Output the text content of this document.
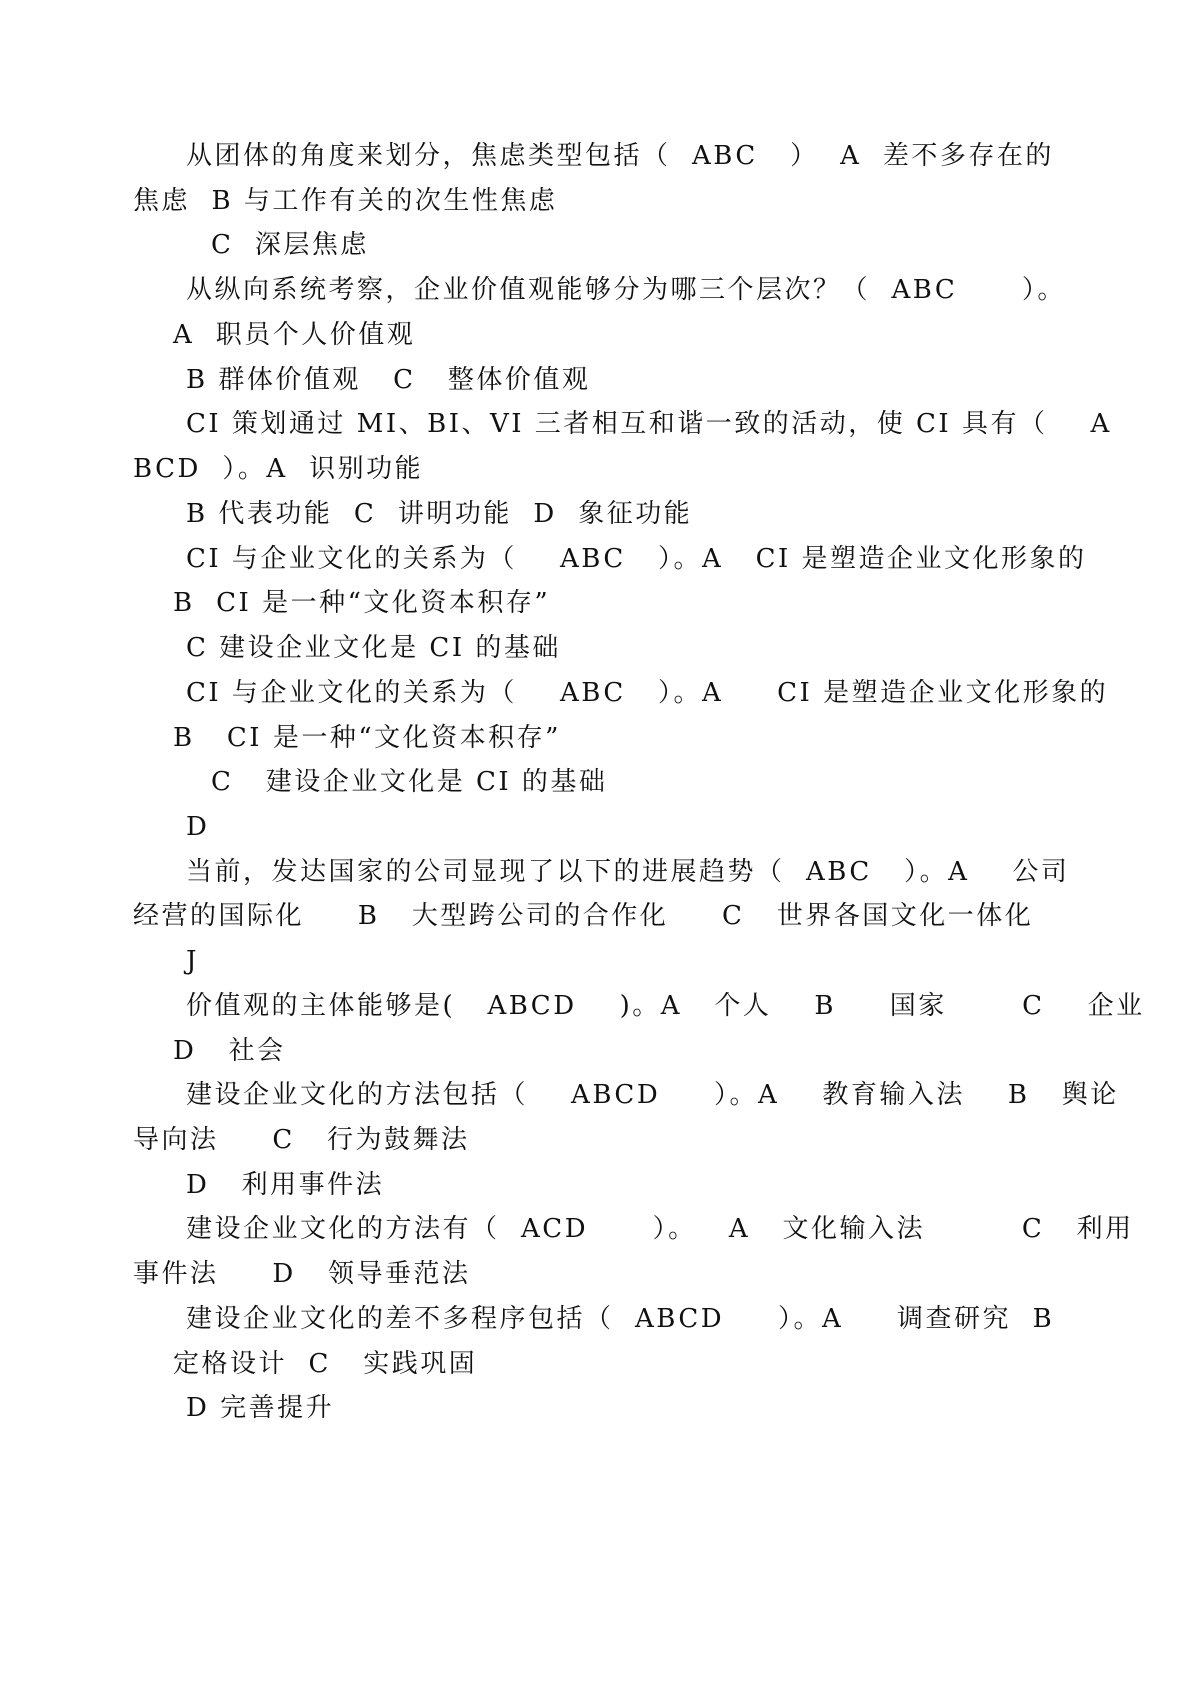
从团体的角度来划分，焦虑类型包括（  ABC   ）  A  差不多存在的
焦虑  B 与工作有关的次生性焦虑
C  深层焦虑
从纵向系统考察，企业价值观能够分为哪三个层次？（  ABC      ）。
A  职员个人价值观
B 群体价值观   C   整体价值观
CI 策划通过 MI、BI、VI 三者相互和谐一致的活动，使 CI 具有（    A
BCD  ）。A  识别功能
B 代表功能  C  讲明功能  D  象征功能
CI 与企业文化的关系为（    ABC   ）。A   CI 是塑造企业文化形象的
B  CI 是一种“文化资本积存”
C 建设企业文化是 CI 的基础
CI 与企业文化的关系为（    ABC   ）。A     CI 是塑造企业文化形象的
B   CI 是一种“文化资本积存”
C   建设企业文化是 CI 的基础
D
当前，发达国家的公司显现了以下的进展趋势（  ABC   ）。A    公司
经营的国际化     B   大型跨公司的合作化     C   世界各国文化一体化
J
价值观的主体能够是(   ABCD    )。A   个人    B     国家       C    企业
D   社会
建设企业文化的方法包括（    ABCD     ）。A    教育输入法    B   舆论
导向法     C   行为鼓舞法
D   利用事件法
建设企业文化的方法有（  ACD      ）。   A   文化输入法         C   利用
事件法     D   领导垂范法
建设企业文化的差不多程序包括（  ABCD     ）。A     调查研究  B
定格设计  C   实践巩固
D 完善提升
